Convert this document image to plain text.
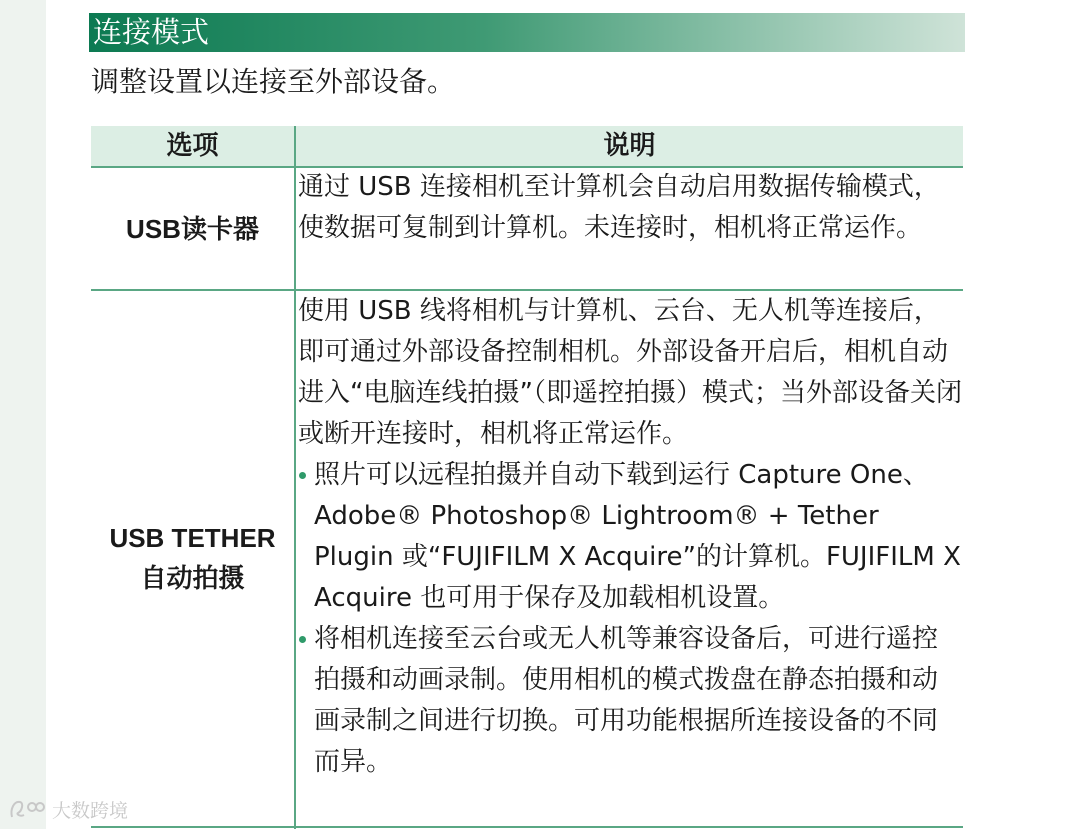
连接模式
调整设置以连接至外部设备。
选项	说明
USB读卡器

通过 USB 连接相机至计算机会自动启用数据传输模式，使数据可复制到计算机。未连接时，相机将正常运作。

USB TETHER
自动拍摄

使用 USB 线将相机与计算机、云台、无人机等连接后，即可通过外部设备控制相机。外部设备开启后，相机自动进入“电脑连线拍摄”（即遥控拍摄）模式；当外部设备关闭或断开连接时，相机将正常运作。

照片可以远程拍摄并自动下载到运行 Capture One、Adobe® Photoshop® Lightroom® + Tether Plugin 或“FUJIFILM X Acquire”的计算机。FUJIFILM X Acquire 也可用于保存及加载相机设置。
将相机连接至云台或无人机等兼容设备后，可进行遥控拍摄和动画录制。使用相机的模式拨盘在静态拍摄和动画录制之间进行切换。可用功能根据所连接设备的不同而异。
大数跨境
